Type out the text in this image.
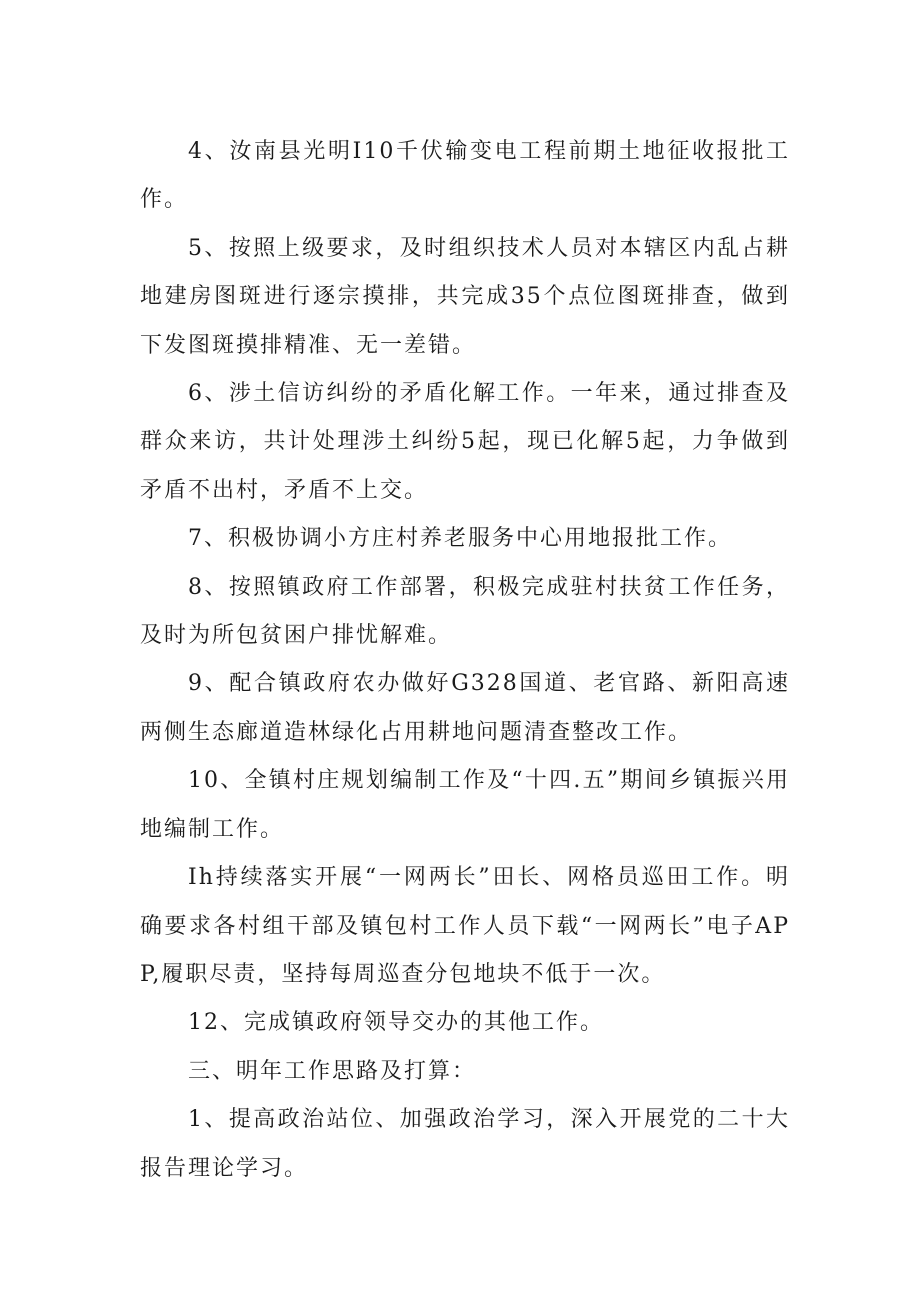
4、汝南县光明I10千伏输变电工程前期土地征收报批工作。

5、按照上级要求，及时组织技术人员对本辖区内乱占耕地建房图斑进行逐宗摸排，共完成35个点位图斑排查，做到下发图斑摸排精准、无一差错。

6、涉土信访纠纷的矛盾化解工作。一年来，通过排查及群众来访，共计处理涉土纠纷5起，现已化解5起，力争做到矛盾不出村，矛盾不上交。

7、积极协调小方庄村养老服务中心用地报批工作。

8、按照镇政府工作部署，积极完成驻村扶贫工作任务，及时为所包贫困户排忧解难。

9、配合镇政府农办做好G328国道、老官路、新阳高速两侧生态廊道造林绿化占用耕地问题清查整改工作。

10、全镇村庄规划编制工作及“十四.五”期间乡镇振兴用地编制工作。

Ih持续落实开展“一网两长”田长、网格员巡田工作。明确要求各村组干部及镇包村工作人员下载“一网两长”电子APP,履职尽责，坚持每周巡查分包地块不低于一次。

12、完成镇政府领导交办的其他工作。

三、明年工作思路及打算：

1、提高政治站位、加强政治学习，深入开展党的二十大报告理论学习。
